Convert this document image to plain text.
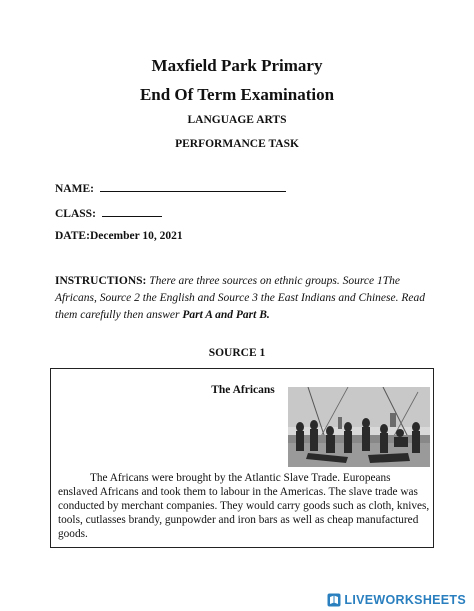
Maxfield Park Primary
End Of Term Examination
LANGUAGE ARTS
PERFORMANCE TASK
NAME:
CLASS:
DATE:December 10, 2021
INSTRUCTIONS: There are three sources on ethnic groups. Source 1The Africans, Source 2 the English and Source 3 the East Indians and Chinese. Read them carefully then answer Part A and Part B.
SOURCE 1
The Africans

The Africans were brought by the Atlantic Slave Trade. Europeans enslaved Africans and took them to labour in the Americas. The slave trade was conducted by merchant companies. They would carry goods such as cloth, knives, tools, cutlasses brandy, gunpowder and iron bars as well as cheap manufactured goods.

LIVEWORKSHEETS
